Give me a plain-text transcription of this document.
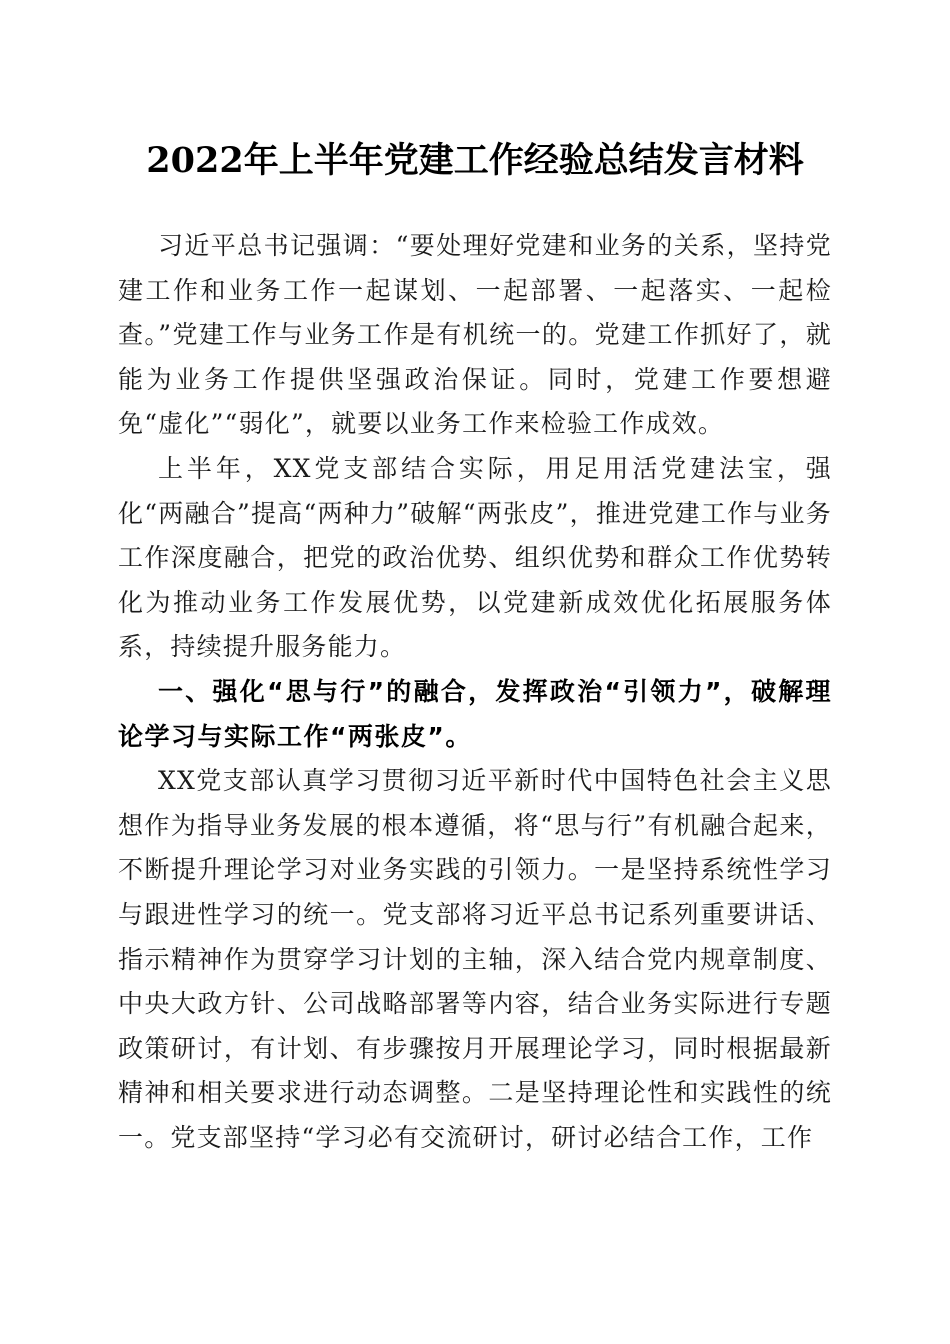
2022年上半年党建工作经验总结发言材料

习近平总书记强调：“要处理好党建和业务的关系，坚持党建工作和业务工作一起谋划、一起部署、一起落实、一起检查。”党建工作与业务工作是有机统一的。党建工作抓好了，就能为业务工作提供坚强政治保证。同时，党建工作要想避免“虚化”“弱化”，就要以业务工作来检验工作成效。

上半年，XX党支部结合实际，用足用活党建法宝，强化“两融合”提高“两种力”破解“两张皮”，推进党建工作与业务工作深度融合，把党的政治优势、组织优势和群众工作优势转化为推动业务工作发展优势，以党建新成效优化拓展服务体系，持续提升服务能力。

一、强化“思与行”的融合，发挥政治“引领力”，破解理论学习与实际工作“两张皮”。

XX党支部认真学习贯彻习近平新时代中国特色社会主义思想作为指导业务发展的根本遵循，将“思与行”有机融合起来，不断提升理论学习对业务实践的引领力。一是坚持系统性学习与跟进性学习的统一。党支部将习近平总书记系列重要讲话、指示精神作为贯穿学习计划的主轴，深入结合党内规章制度、中央大政方针、公司战略部署等内容，结合业务实际进行专题政策研讨，有计划、有步骤按月开展理论学习，同时根据最新精神和相关要求进行动态调整。二是坚持理论性和实践性的统一。党支部坚持“学习必有交流研讨，研讨必结合工作，工作
